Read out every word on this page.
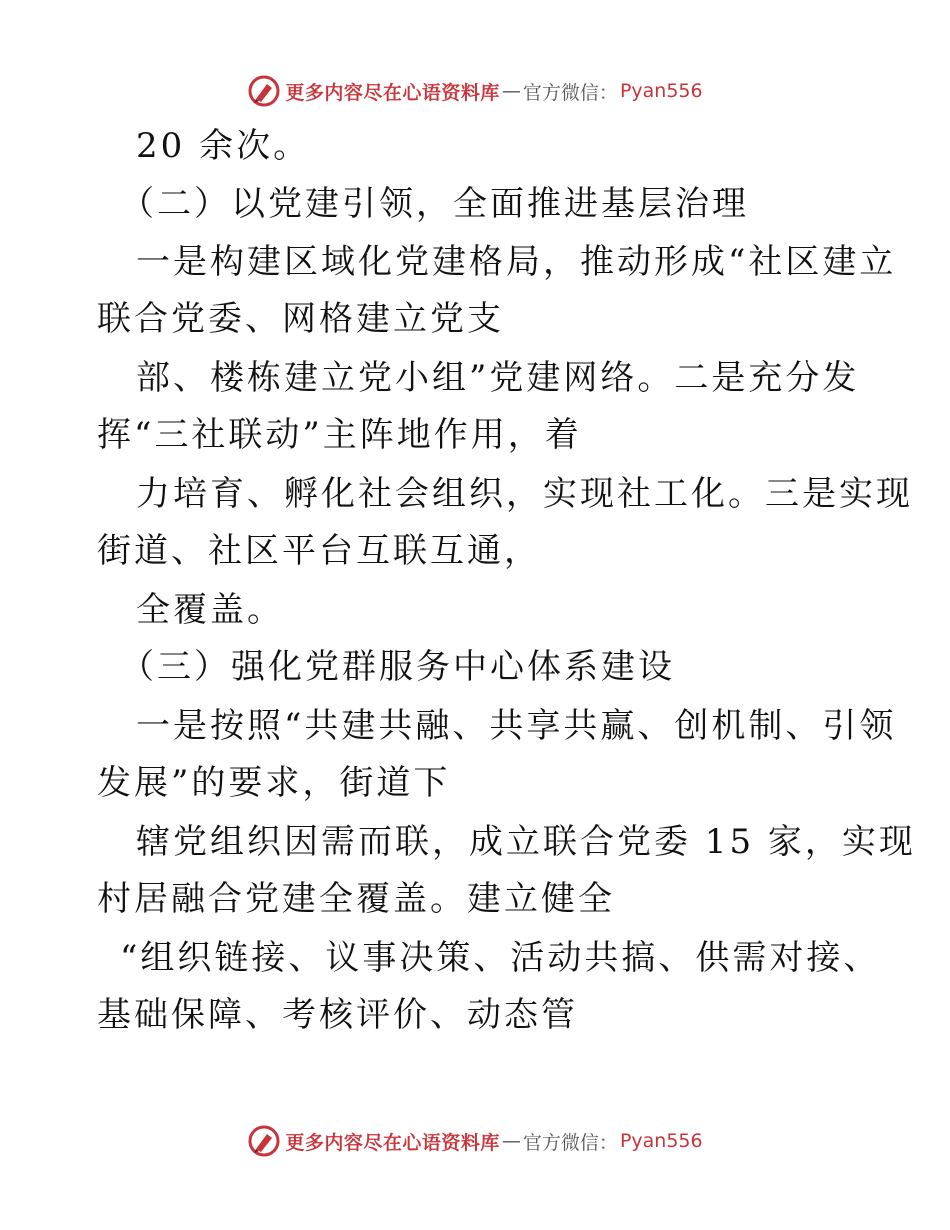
更多内容尽在心语资料库 — 官方微信： Pyan556
20 余次。
（二）以党建引领，全面推进基层治理
一是构建区域化党建格局，推动形成“社区建立
联合党委、网格建立党支
部、楼栋建立党小组”党建网络。二是充分发
挥“三社联动”主阵地作用，着
力培育、孵化社会组织，实现社工化。三是实现
街道、社区平台互联互通，
全覆盖。
（三）强化党群服务中心体系建设
一是按照“共建共融、共享共赢、创机制、引领
发展”的要求，街道下
辖党组织因需而联，成立联合党委 15 家，实现
村居融合党建全覆盖。建立健全
“组织链接、议事决策、活动共搞、供需对接、
基础保障、考核评价、动态管
更多内容尽在心语资料库 — 官方微信： Pyan556
